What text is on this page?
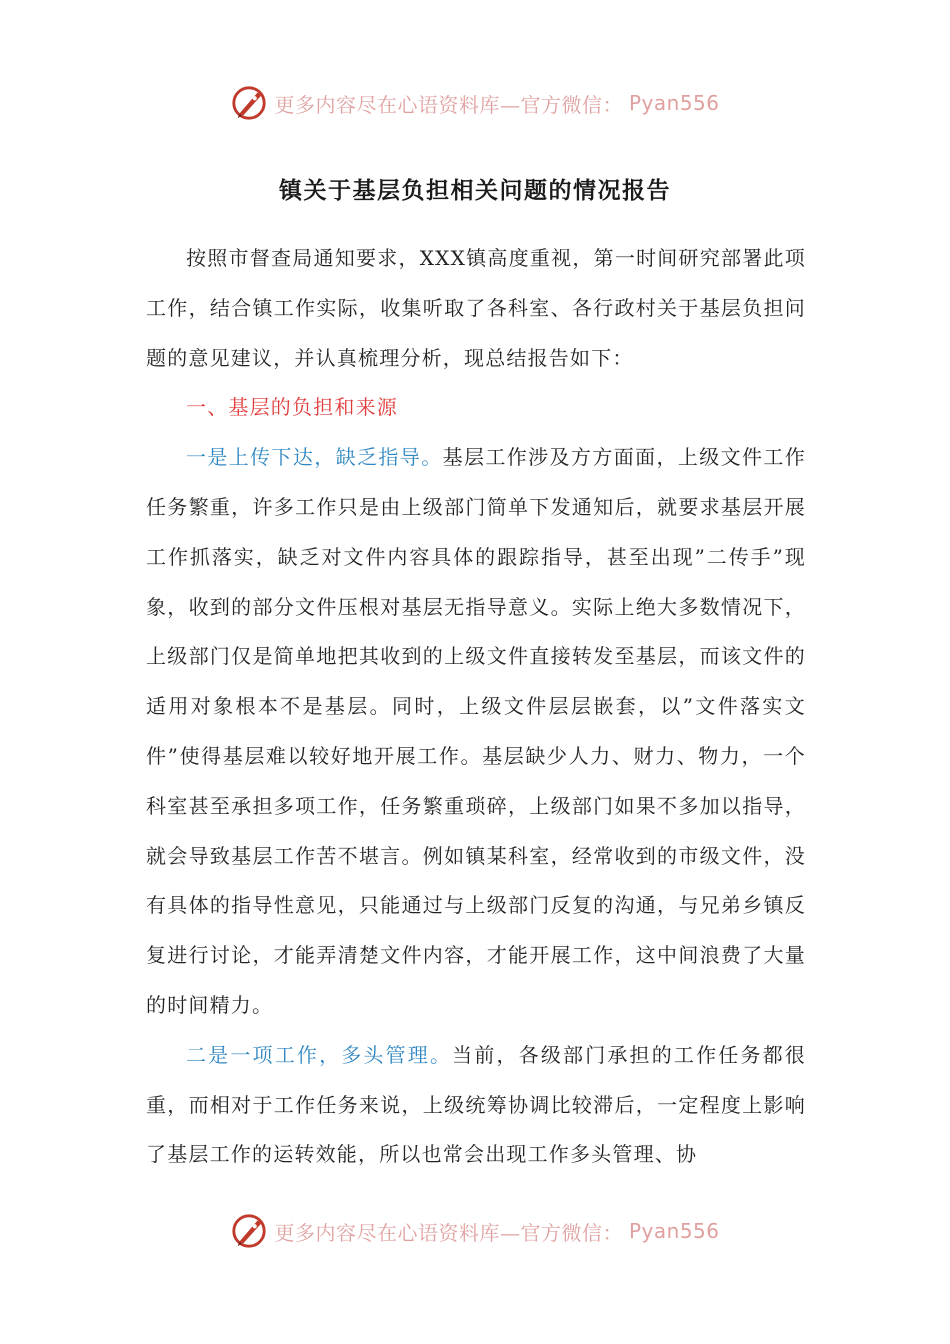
更多内容尽在心语资料库—官方微信： Pyan556
镇关于基层负担相关问题的情况报告

按照市督查局通知要求，XXX镇高度重视，第一时间研究部署此项工作，结合镇工作实际，收集听取了各科室、各行政村关于基层负担问题的意见建议，并认真梳理分析，现总结报告如下：

一、基层的负担和来源

一是上传下达，缺乏指导。基层工作涉及方方面面，上级文件工作任务繁重，许多工作只是由上级部门简单下发通知后，就要求基层开展工作抓落实，缺乏对文件内容具体的跟踪指导，甚至出现”二传手”现象，收到的部分文件压根对基层无指导意义。实际上绝大多数情况下，上级部门仅是简单地把其收到的上级文件直接转发至基层，而该文件的适用对象根本不是基层。同时，上级文件层层嵌套，以”文件落实文件”使得基层难以较好地开展工作。基层缺少人力、财力、物力，一个科室甚至承担多项工作，任务繁重琐碎，上级部门如果不多加以指导，就会导致基层工作苦不堪言。例如镇某科室，经常收到的市级文件，没有具体的指导性意见，只能通过与上级部门反复的沟通，与兄弟乡镇反复进行讨论，才能弄清楚文件内容，才能开展工作，这中间浪费了大量的时间精力。

二是一项工作，多头管理。当前，各级部门承担的工作任务都很重，而相对于工作任务来说，上级统筹协调比较滞后，一定程度上影响了基层工作的运转效能，所以也常会出现工作多头管理、协

更多内容尽在心语资料库—官方微信： Pyan556
